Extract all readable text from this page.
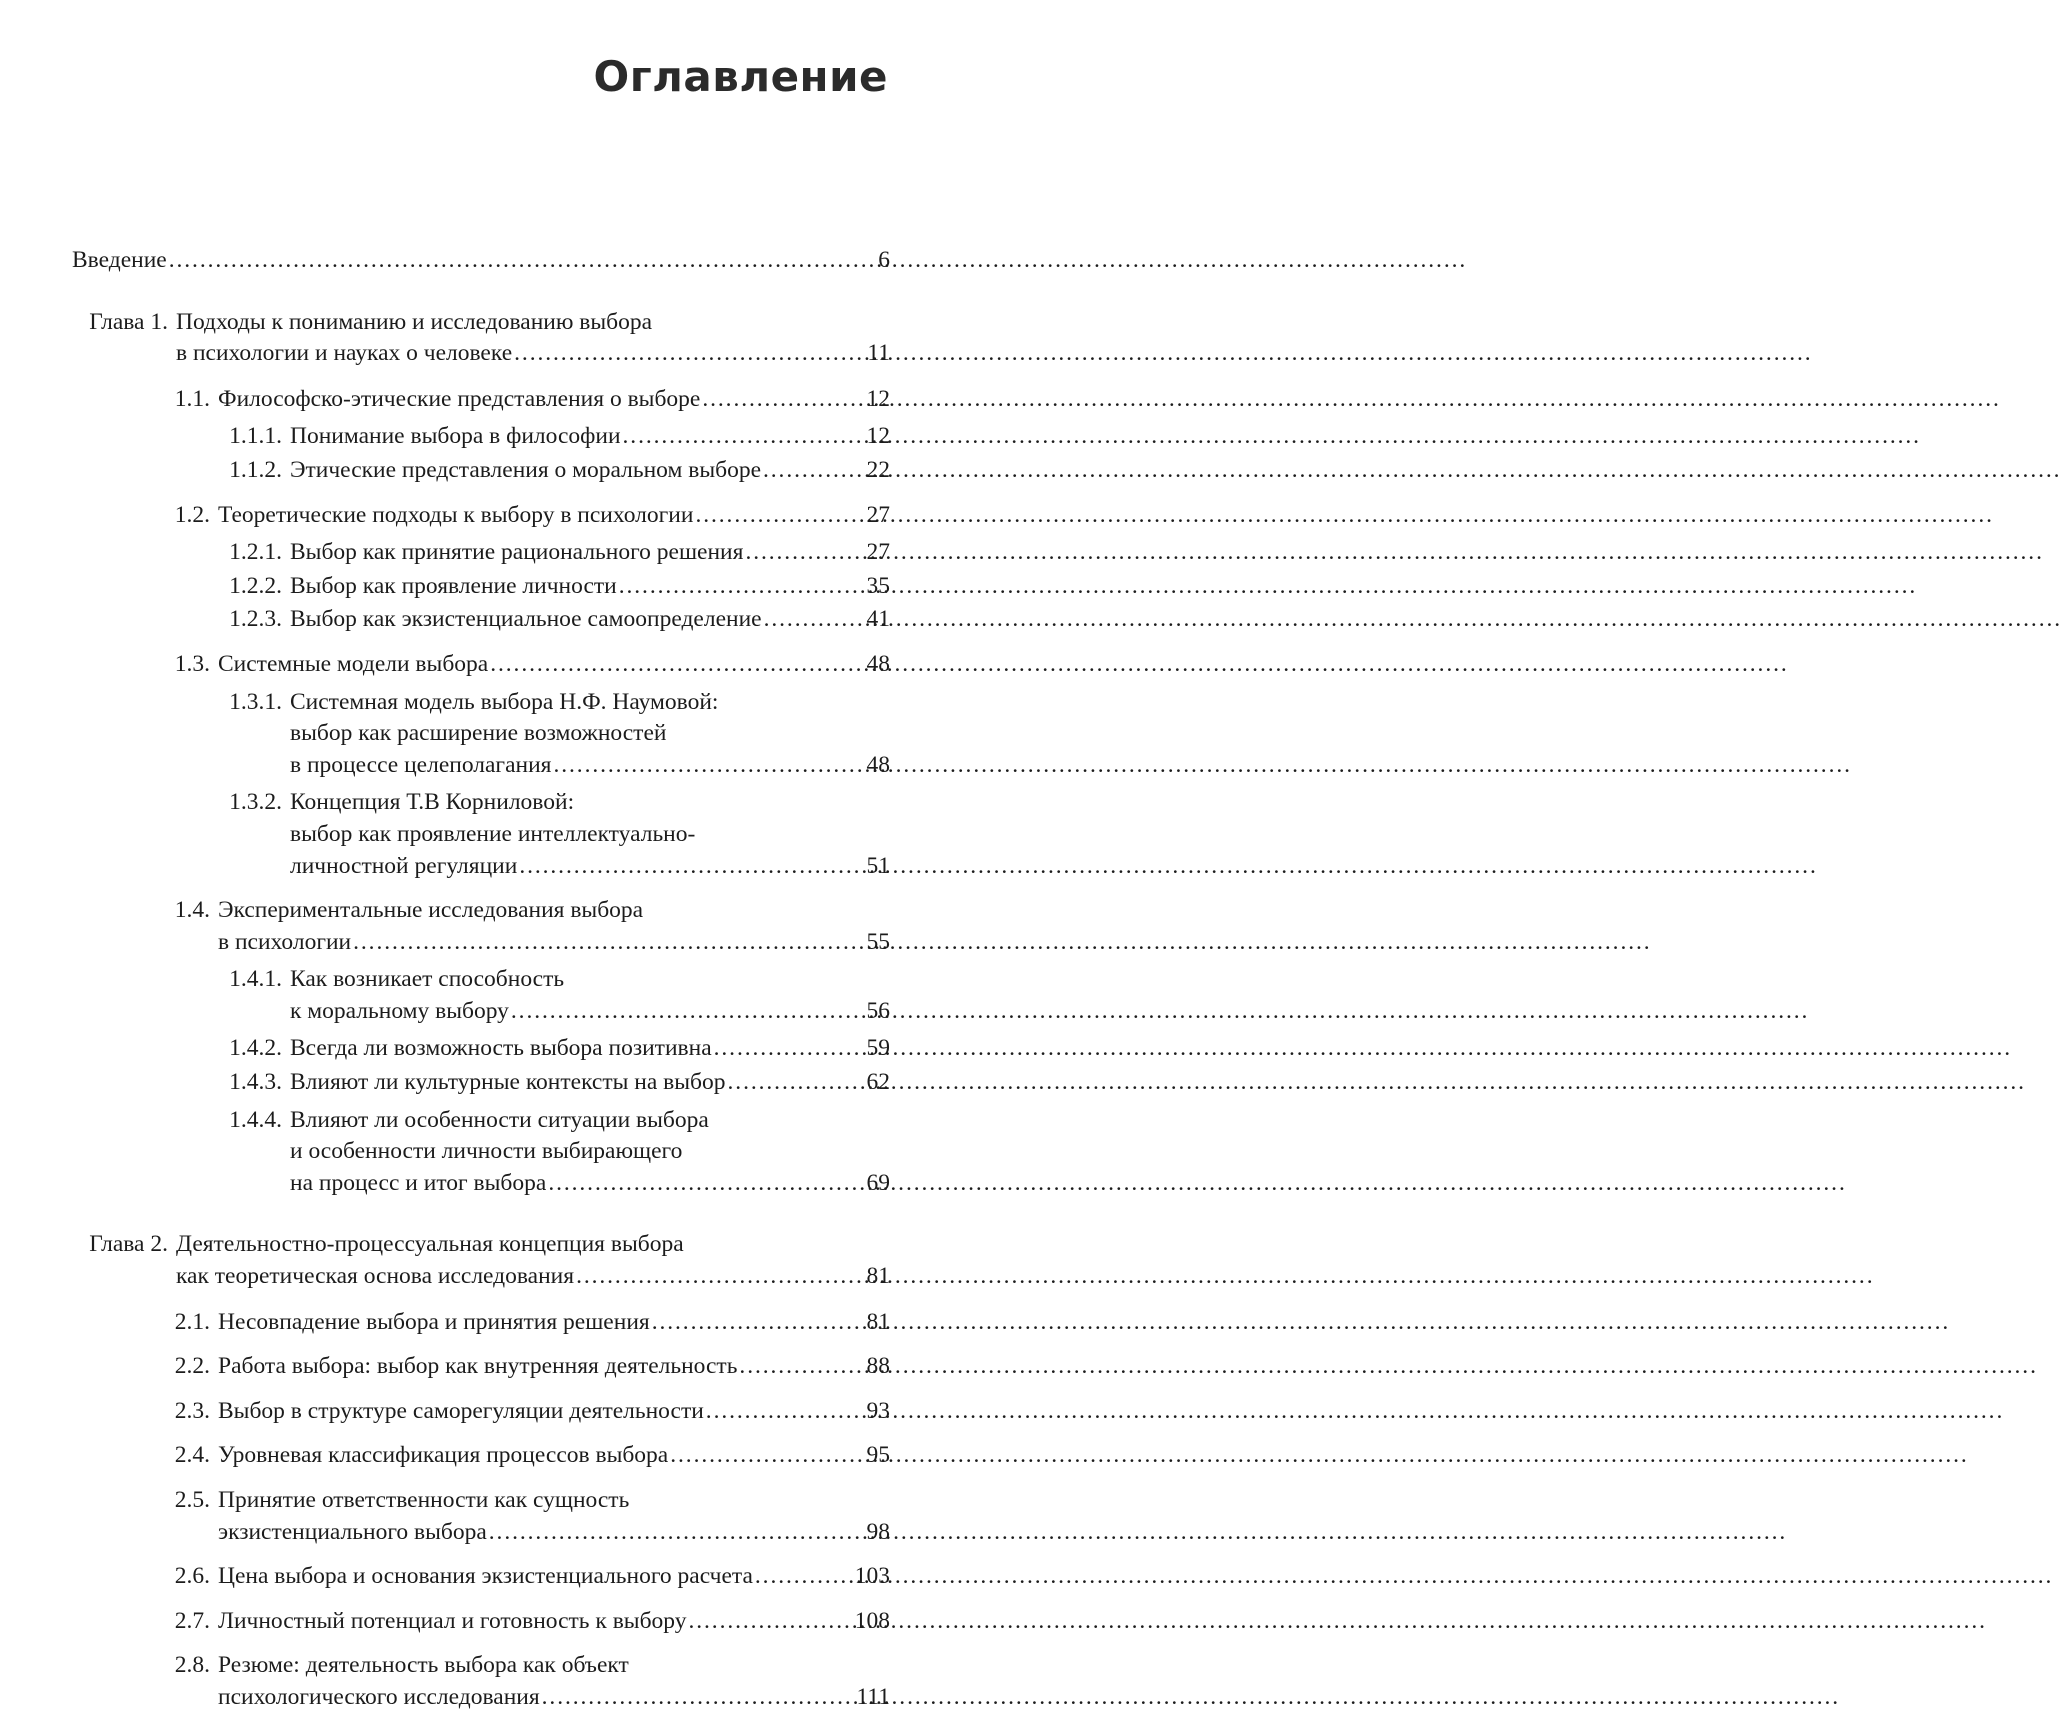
Оглавление
Введение .....	6
Глава 1. Подходы к пониманию и исследованию выбора
в психологии и науках о человеке .....	11
1.1. Философско-этические представления о выборе .....	12
1.1.1. Понимание выбора в философии .....	12
1.1.2. Этические представления о моральном выборе .....	22
1.2. Теоретические подходы к выбору в психологии .....	27
1.2.1. Выбор как принятие рационального решения .....	27
1.2.2. Выбор как проявление личности .....	35
1.2.3. Выбор как экзистенциальное самоопределение .....	41
1.3. Системные модели выбора .....	48
1.3.1. Системная модель выбора Н.Ф. Наумовой:
выбор как расширение возможностей
в процессе целеполагания .....	48
1.3.2. Концепция Т.В Корниловой:
выбор как проявление интеллектуально-
личностной регуляции .....	51
1.4. Экспериментальные исследования выбора
в психологии .....	55
1.4.1. Как возникает способность
к моральному выбору .....	56
1.4.2. Всегда ли возможность выбора позитивна .....	59
1.4.3. Влияют ли культурные контексты на выбор .....	62
1.4.4. Влияют ли особенности ситуации выбора
и особенности личности выбирающего
на процесс и итог выбора .....	69
Глава 2. Деятельностно-процессуальная концепция выбора
как теоретическая основа исследования .....	81
2.1. Несовпадение выбора и принятия решения .....	81
2.2. Работа выбора: выбор как внутренняя деятельность .....	88
2.3. Выбор в структуре саморегуляции деятельности .....	93
2.4. Уровневая классификация процессов выбора .....	95
2.5. Принятие ответственности как сущность
экзистенциального выбора .....	98
2.6. Цена выбора и основания экзистенциального расчета .....	103
2.7. Личностный потенциал и готовность к выбору .....	108
2.8. Резюме: деятельность выбора как объект
психологического исследования .....	111
